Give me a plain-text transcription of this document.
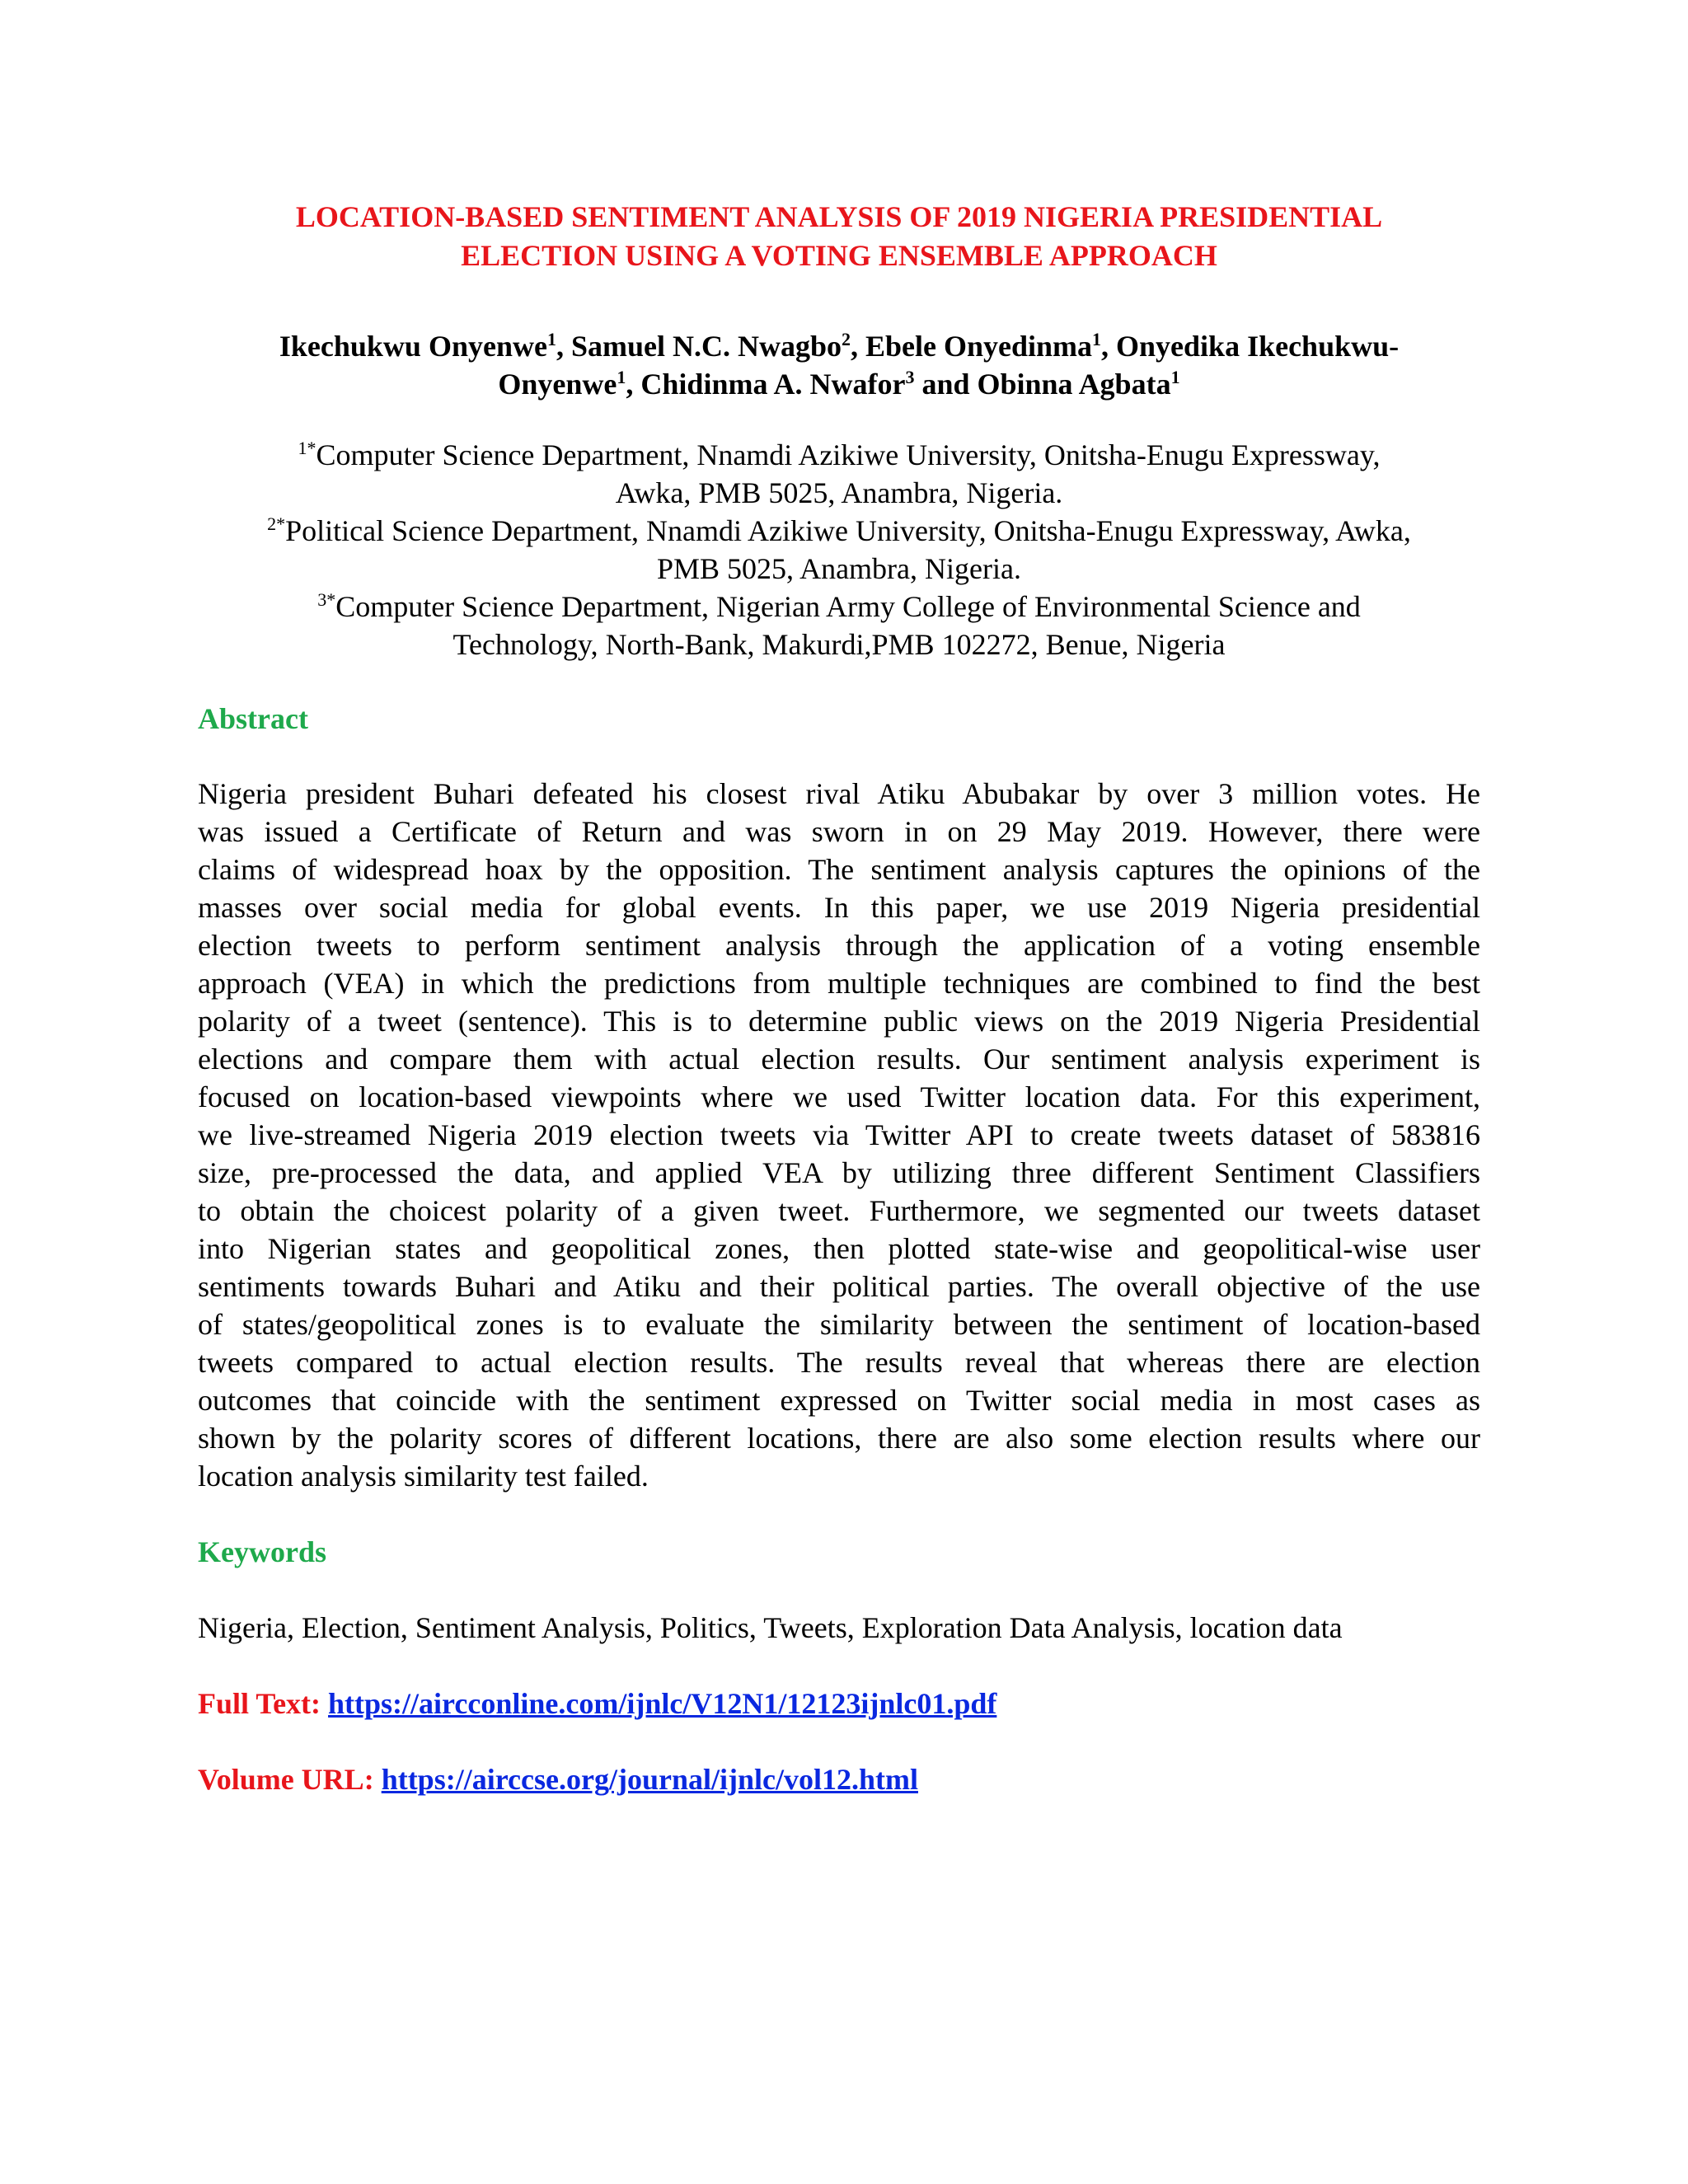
LOCATION-BASED SENTIMENT ANALYSIS OF 2019 NIGERIA PRESIDENTIAL
ELECTION USING A VOTING ENSEMBLE APPROACH
Ikechukwu Onyenwe$^1$, Samuel N.C. Nwagbo$^2$, Ebele Onyedinma$^1$, Onyedika Ikechukwu-
Onyenwe$^1$, Chidinma A. Nwafor$^3$ and Obinna Agbata$^1$
$^{1*}$Computer Science Department, Nnamdi Azikiwe University, Onitsha-Enugu Expressway,
Awka, PMB 5025, Anambra, Nigeria.
$^{2*}$Political Science Department, Nnamdi Azikiwe University, Onitsha-Enugu Expressway, Awka,
PMB 5025, Anambra, Nigeria.
$^{3*}$Computer Science Department, Nigerian Army College of Environmental Science and
Technology, North-Bank, Makurdi,PMB 102272, Benue, Nigeria
Abstract
Nigeria president Buhari defeated his closest rival Atiku Abubakar by over 3 million votes. He
was issued a Certificate of Return and was sworn in on 29 May 2019. However, there were
claims of widespread hoax by the opposition. The sentiment analysis captures the opinions of the
masses over social media for global events. In this paper, we use 2019 Nigeria presidential
election tweets to perform sentiment analysis through the application of a voting ensemble
approach (VEA) in which the predictions from multiple techniques are combined to find the best
polarity of a tweet (sentence). This is to determine public views on the 2019 Nigeria Presidential
elections and compare them with actual election results. Our sentiment analysis experiment is
focused on location-based viewpoints where we used Twitter location data. For this experiment,
we live-streamed Nigeria 2019 election tweets via Twitter API to create tweets dataset of 583816
size, pre-processed the data, and applied VEA by utilizing three different Sentiment Classifiers
to obtain the choicest polarity of a given tweet. Furthermore, we segmented our tweets dataset
into Nigerian states and geopolitical zones, then plotted state-wise and geopolitical-wise user
sentiments towards Buhari and Atiku and their political parties. The overall objective of the use
of states/geopolitical zones is to evaluate the similarity between the sentiment of location-based
tweets compared to actual election results. The results reveal that whereas there are election
outcomes that coincide with the sentiment expressed on Twitter social media in most cases as
shown by the polarity scores of different locations, there are also some election results where our
location analysis similarity test failed.
Keywords
Nigeria, Election, Sentiment Analysis, Politics, Tweets, Exploration Data Analysis, location data
Full Text: https://aircconline.com/ijnlc/V12N1/12123ijnlc01.pdf
Volume URL: https://airccse.org/journal/ijnlc/vol12.html
